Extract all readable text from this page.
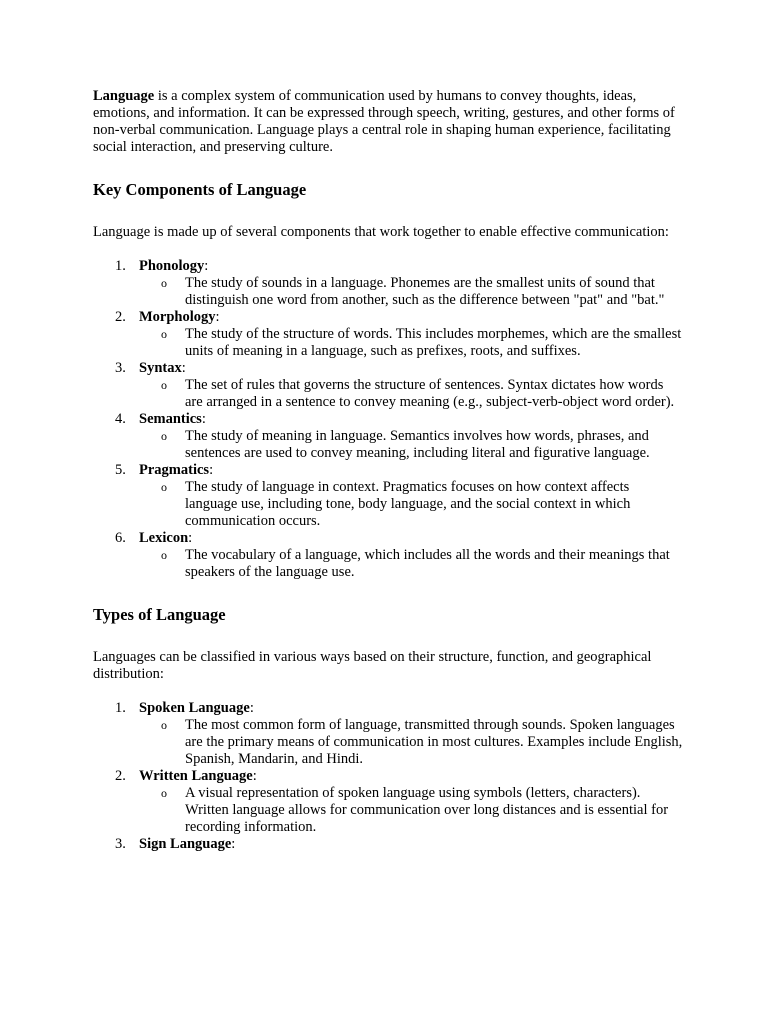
Language is a complex system of communication used by humans to convey thoughts, ideas, emotions, and information. It can be expressed through speech, writing, gestures, and other forms of non-verbal communication. Language plays a central role in shaping human experience, facilitating social interaction, and preserving culture.

Key Components of Language

Language is made up of several components that work together to enable effective communication:

1. Phonology:
o The study of sounds in a language. Phonemes are the smallest units of sound that distinguish one word from another, such as the difference between "pat" and "bat."
2. Morphology:
o The study of the structure of words. This includes morphemes, which are the smallest units of meaning in a language, such as prefixes, roots, and suffixes.
3. Syntax:
o The set of rules that governs the structure of sentences. Syntax dictates how words are arranged in a sentence to convey meaning (e.g., subject-verb-object word order).
4. Semantics:
o The study of meaning in language. Semantics involves how words, phrases, and sentences are used to convey meaning, including literal and figurative language.
5. Pragmatics:
o The study of language in context. Pragmatics focuses on how context affects language use, including tone, body language, and the social context in which communication occurs.
6. Lexicon:
o The vocabulary of a language, which includes all the words and their meanings that speakers of the language use.
Types of Language

Languages can be classified in various ways based on their structure, function, and geographical distribution:

1. Spoken Language:
o The most common form of language, transmitted through sounds. Spoken languages are the primary means of communication in most cultures. Examples include English, Spanish, Mandarin, and Hindi.
2. Written Language:
o A visual representation of spoken language using symbols (letters, characters). Written language allows for communication over long distances and is essential for recording information.
3. Sign Language:
